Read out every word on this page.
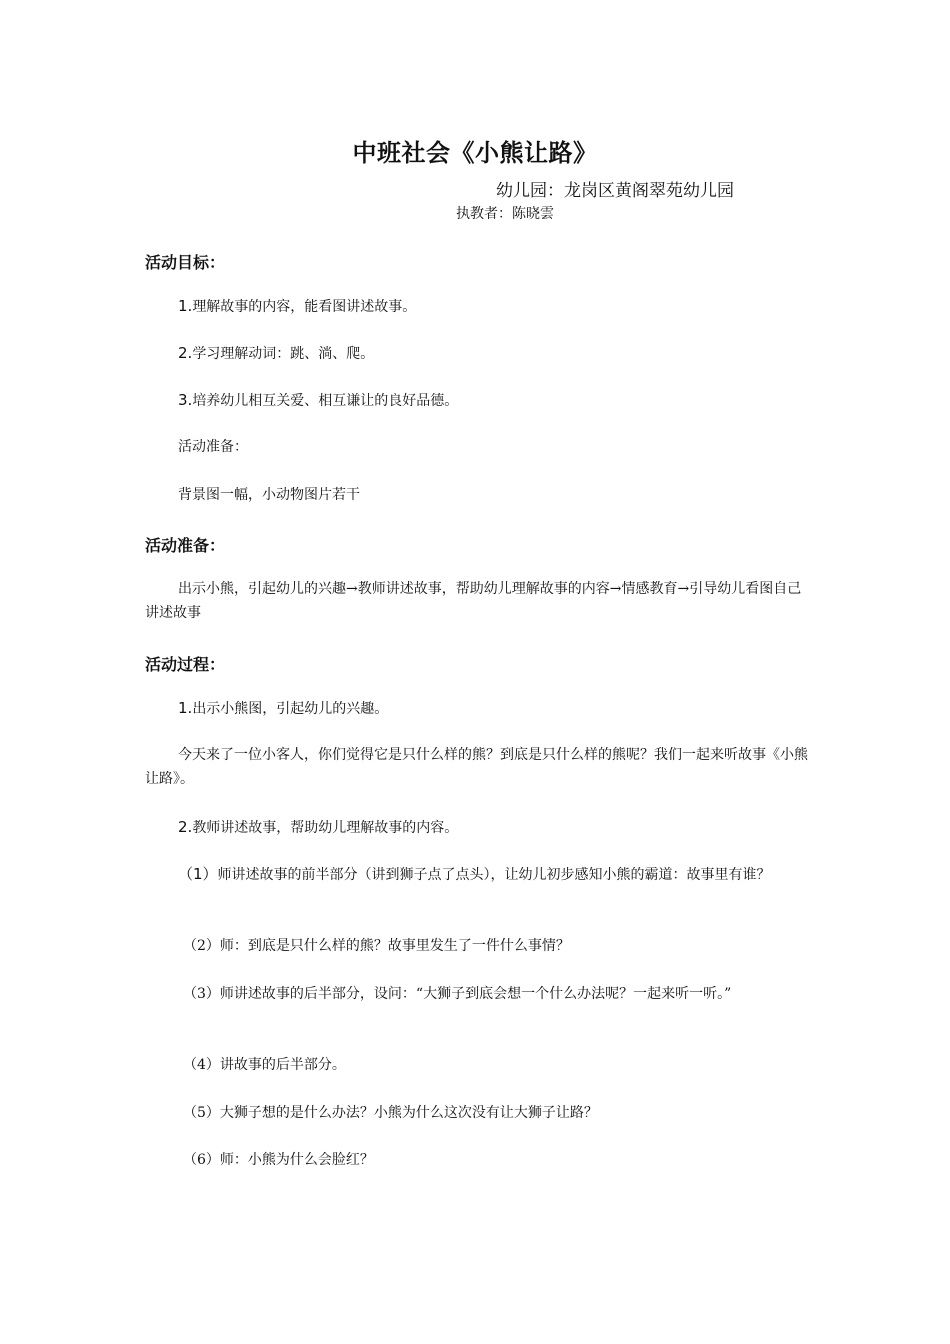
中班社会《小熊让路》
幼儿园：龙岗区黄阁翠苑幼儿园
执教者：陈晓雲
活动目标：
1.理解故事的内容，能看图讲述故事。
2.学习理解动词：跳、淌、爬。
3.培养幼儿相互关爱、相互谦让的良好品德。
活动准备：
背景图一幅，小动物图片若干
活动准备：
出示小熊，引起幼儿的兴趣→教师讲述故事，帮助幼儿理解故事的内容→情感教育→引导幼儿看图自己讲述故事
活动过程：
1.出示小熊图，引起幼儿的兴趣。
今天来了一位小客人，你们觉得它是只什么样的熊？到底是只什么样的熊呢？我们一起来听故事《小熊让路》。
2.教师讲述故事，帮助幼儿理解故事的内容。
（1）师讲述故事的前半部分（讲到狮子点了点头），让幼儿初步感知小熊的霸道：故事里有谁？
（2）师：到底是只什么样的熊？故事里发生了一件什么事情？
（3）师讲述故事的后半部分，设问：“大狮子到底会想一个什么办法呢？一起来听一听。”
（4）讲故事的后半部分。
（5）大狮子想的是什么办法？小熊为什么这次没有让大狮子让路？
（6）师：小熊为什么会脸红？
